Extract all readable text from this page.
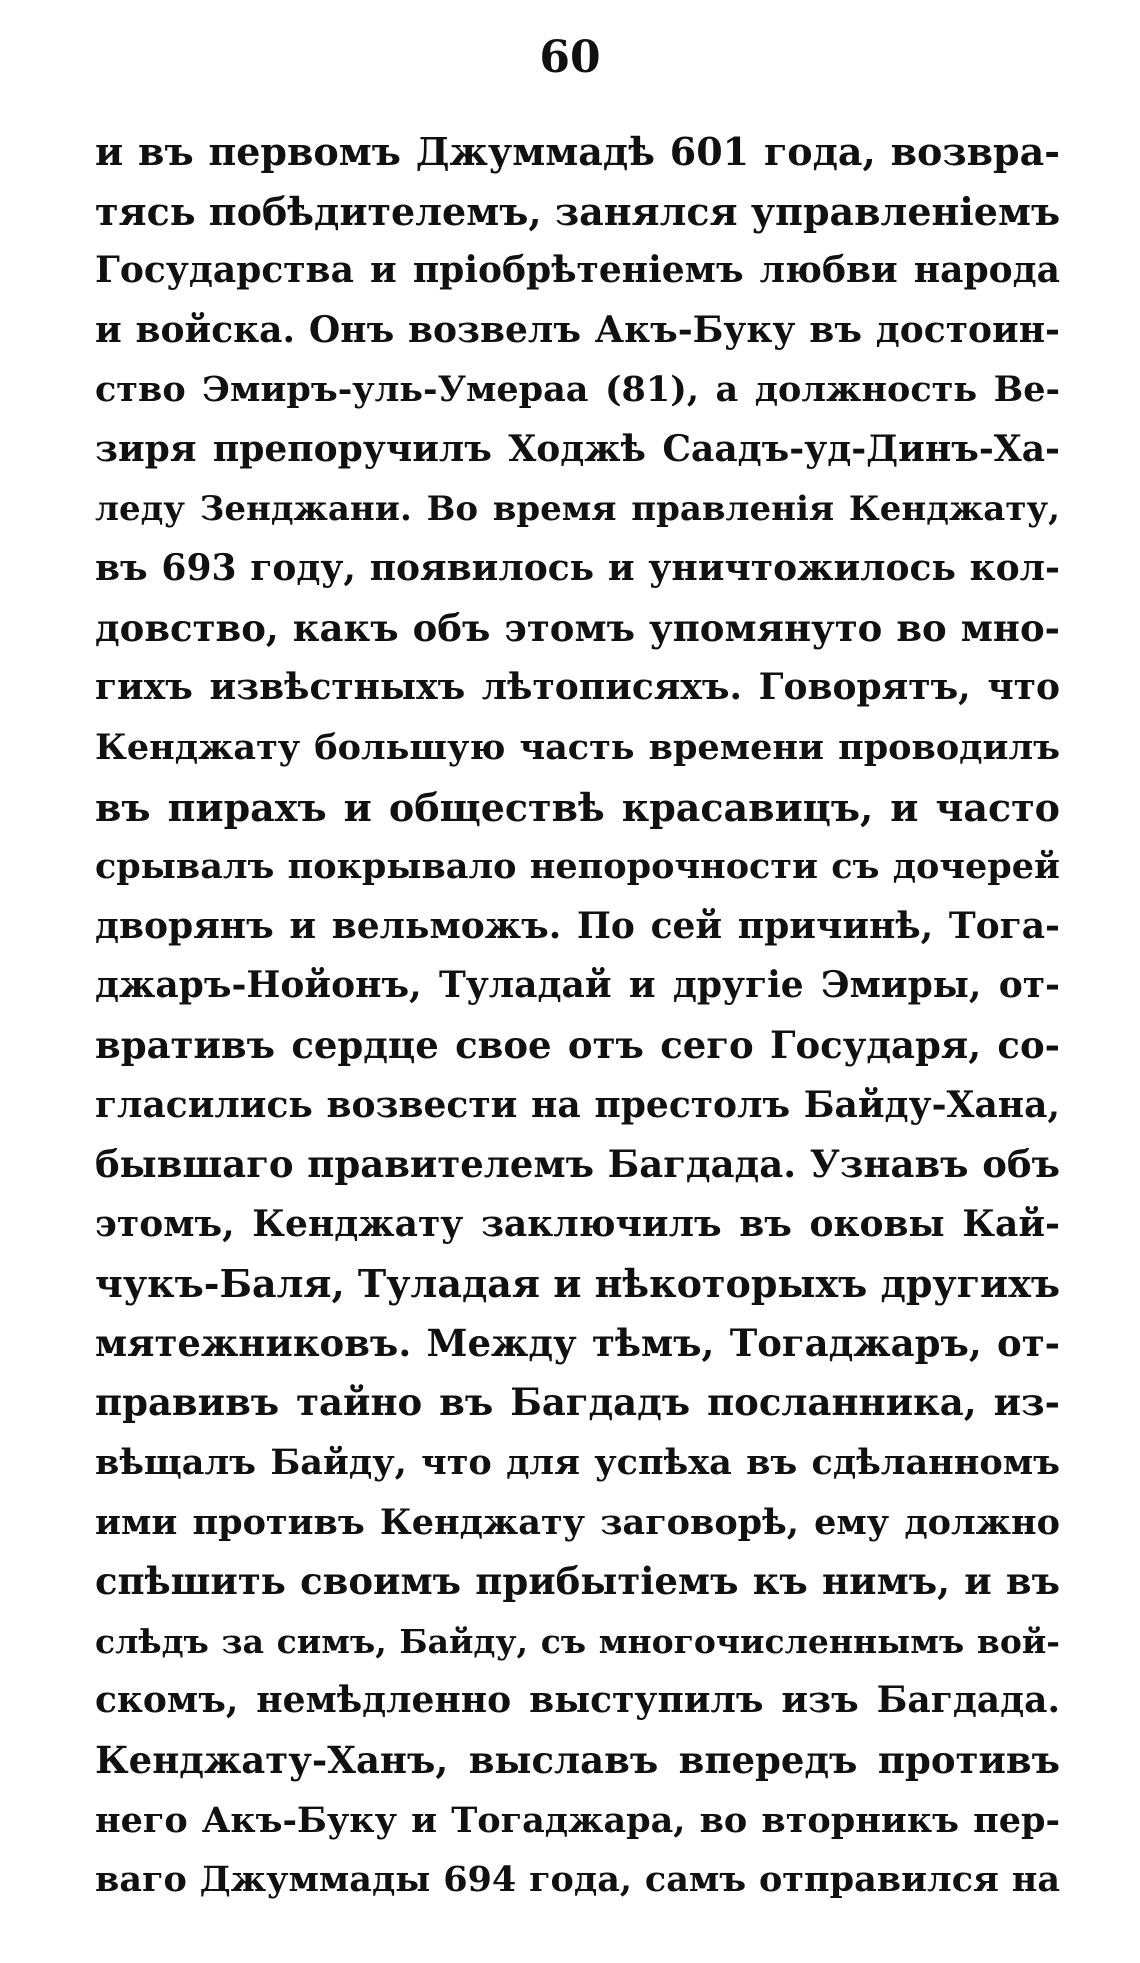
60
и въ первомъ Джуммадѣ 601 года, возвра-
тясь побѣдителемъ, занялся управленіемъ
Государства и пріобрѣтеніемъ любви народа
и войска. Онъ возвелъ Акъ-Буку въ достоин-
ство Эмиръ-уль-Умераа (81), а должность Ве-
зиря препоручилъ Ходжѣ Саадъ-уд-Динъ-Ха-
леду Зенджани. Во время правленія Кенджату,
въ 693 году, появилось и уничтожилось кол-
довство, какъ объ этомъ упомянуто во мно-
гихъ извѣстныхъ лѣтописяхъ. Говорятъ, что
Кенджату большую часть времени проводилъ
въ пирахъ и обществѣ красавицъ, и часто
срывалъ покрывало непорочности съ дочерей
дворянъ и вельможъ. По сей причинѣ, Тога-
джаръ-Нойонъ, Туладай и другіе Эмиры, от-
вративъ сердце свое отъ сего Государя, со-
гласились возвести на престолъ Байду-Хана,
бывшаго правителемъ Багдада. Узнавъ объ
этомъ, Кенджату заключилъ въ оковы Кай-
чукъ-Баля, Туладая и нѣкоторыхъ другихъ
мятежниковъ. Между тѣмъ, Тогаджаръ, от-
правивъ тайно въ Багдадъ посланника, из-
вѣщалъ Байду, что для успѣха въ сдѣланномъ
ими противъ Кенджату заговорѣ, ему должно
спѣшить своимъ прибытіемъ къ нимъ, и въ
слѣдъ за симъ, Байду, съ многочисленнымъ вой-
скомъ, немѣдленно выступилъ изъ Багдада.
Кенджату-Ханъ, выславъ впередъ противъ
него Акъ-Буку и Тогаджара, во вторникъ пер-
ваго Джуммады 694 года, самъ отправился на
